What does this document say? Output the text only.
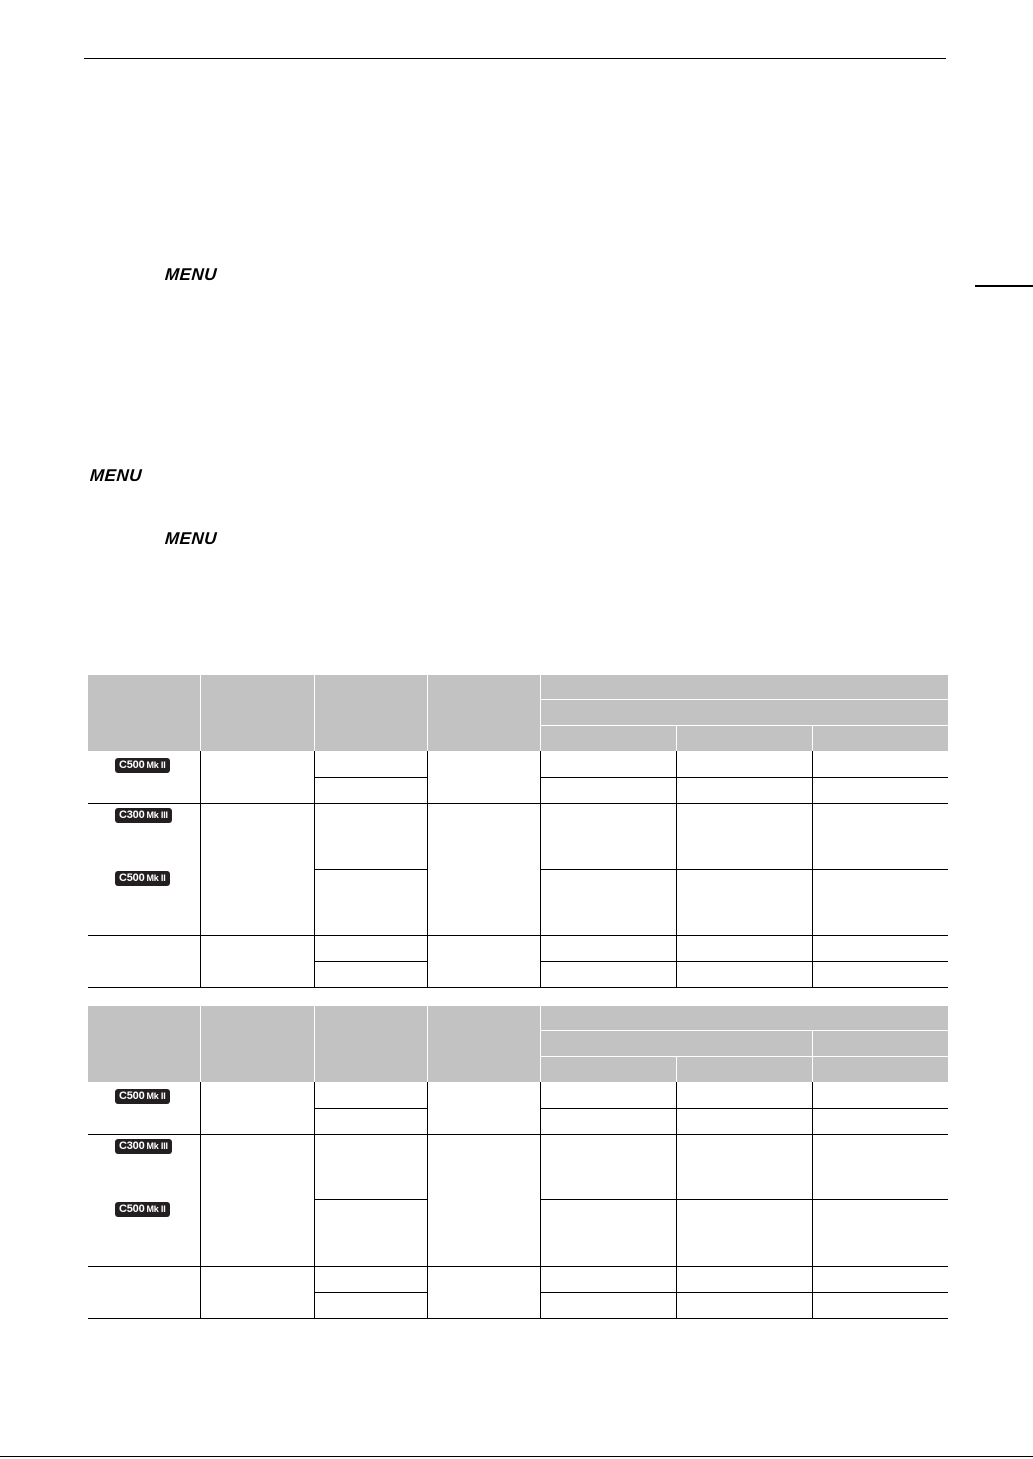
MENU
MENU
MENU
C500 Mk II
C300 Mk III
C500 Mk II
C500 Mk II
C300 Mk III
C500 Mk II
